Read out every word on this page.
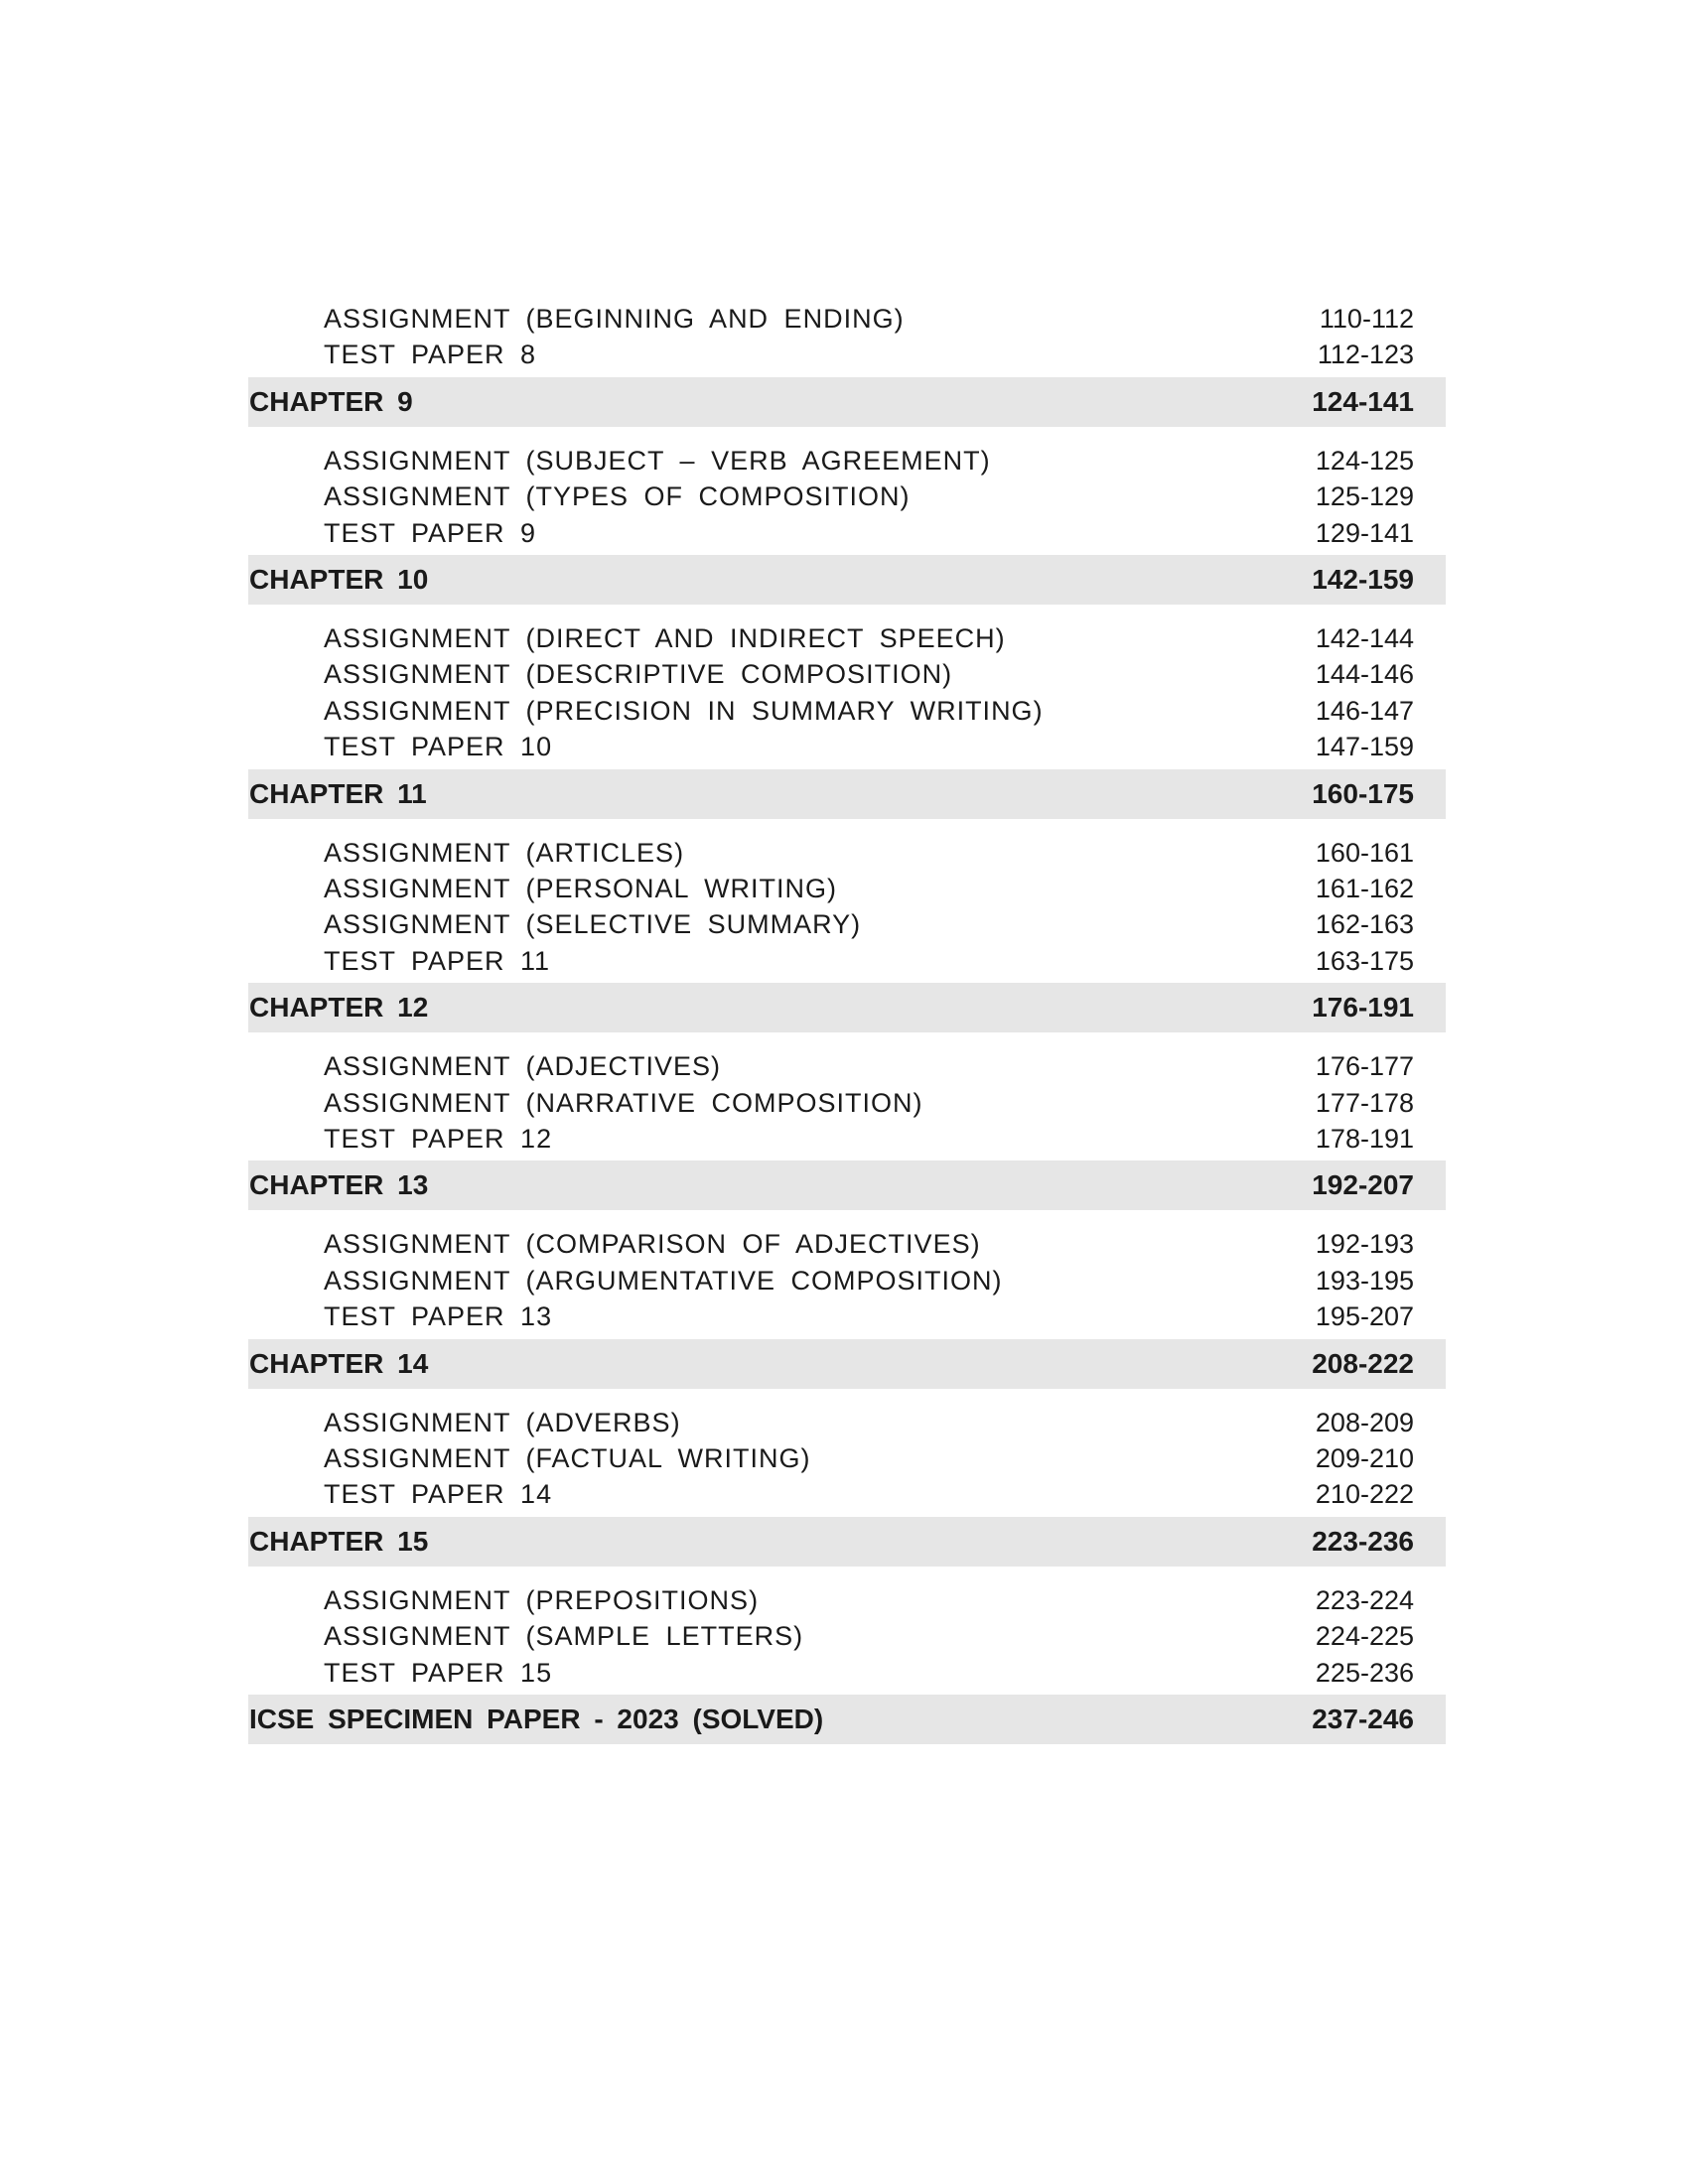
ASSIGNMENT (BEGINNING AND ENDING)	110-112
TEST PAPER 8	112-123
CHAPTER 9	124-141
ASSIGNMENT (SUBJECT – VERB AGREEMENT)	124-125
ASSIGNMENT (TYPES OF COMPOSITION)	125-129
TEST PAPER 9	129-141
CHAPTER 10	142-159
ASSIGNMENT (DIRECT AND INDIRECT SPEECH)	142-144
ASSIGNMENT (DESCRIPTIVE COMPOSITION)	144-146
ASSIGNMENT (PRECISION IN SUMMARY WRITING)	146-147
TEST PAPER 10	147-159
CHAPTER 11	160-175
ASSIGNMENT (ARTICLES)	160-161
ASSIGNMENT (PERSONAL WRITING)	161-162
ASSIGNMENT (SELECTIVE SUMMARY)	162-163
TEST PAPER 11	163-175
CHAPTER 12	176-191
ASSIGNMENT (ADJECTIVES)	176-177
ASSIGNMENT (NARRATIVE COMPOSITION)	177-178
TEST PAPER 12	178-191
CHAPTER 13	192-207
ASSIGNMENT (COMPARISON OF ADJECTIVES)	192-193
ASSIGNMENT (ARGUMENTATIVE COMPOSITION)	193-195
TEST PAPER 13	195-207
CHAPTER 14	208-222
ASSIGNMENT (ADVERBS)	208-209
ASSIGNMENT (FACTUAL WRITING)	209-210
TEST PAPER 14	210-222
CHAPTER 15	223-236
ASSIGNMENT (PREPOSITIONS)	223-224
ASSIGNMENT (SAMPLE LETTERS)	224-225
TEST PAPER 15	225-236
ICSE SPECIMEN PAPER - 2023 (SOLVED)	237-246
